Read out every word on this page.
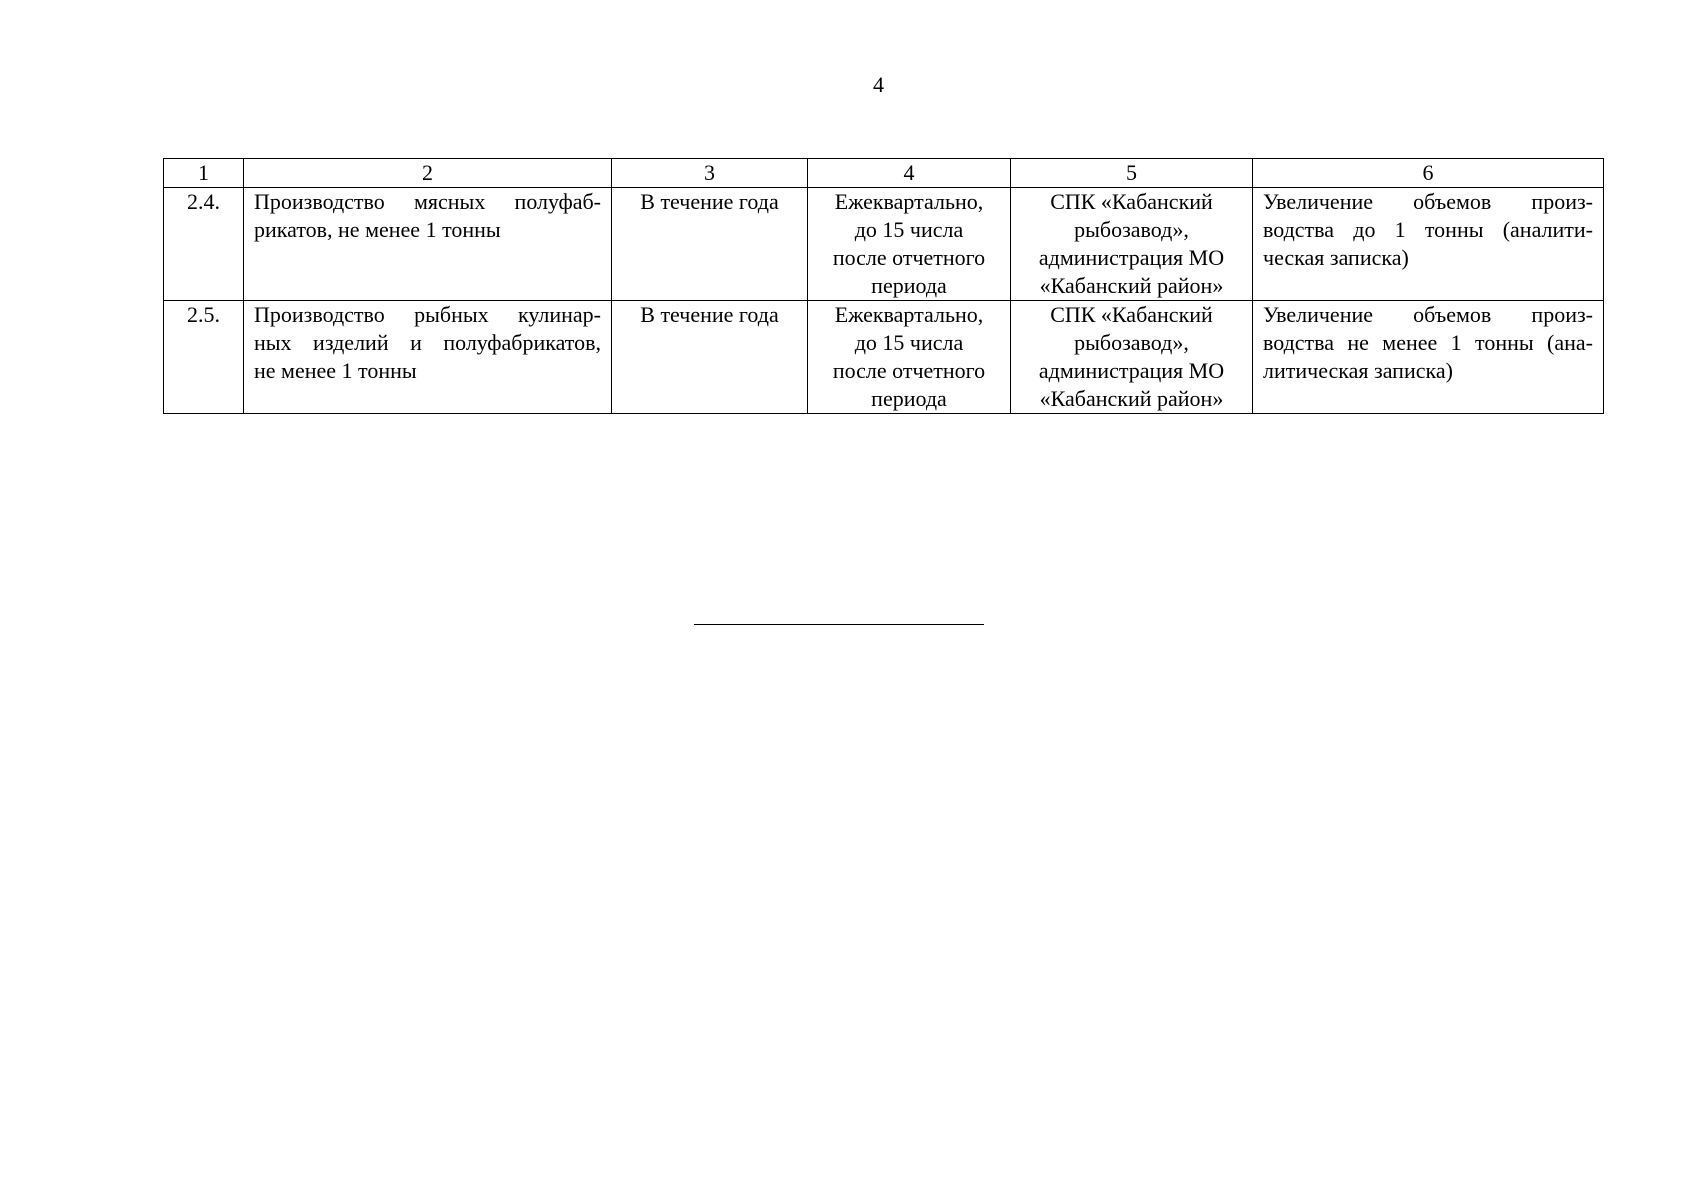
4
1	2	3	4	5	6
2.4.	Производство мясных полуфаб-
рикатов, не менее 1 тонны	В течение года	Ежеквартально,
до 15 числа
после отчетного
периода	СПК «Кабанский
рыбозавод»,
администрация МО
«Кабанский район»	Увеличение объемов произ-
водства до 1 тонны (аналити-
ческая записка)

2.5.	Производство рыбных кулинар-
ных изделий и полуфабрикатов,
не менее 1 тонны	В течение года	Ежеквартально,
до 15 числа
после отчетного
периода	СПК «Кабанский
рыбозавод»,
администрация МО
«Кабанский район»	Увеличение объемов произ-
водства не менее 1 тонны (ана-
литическая записка)
